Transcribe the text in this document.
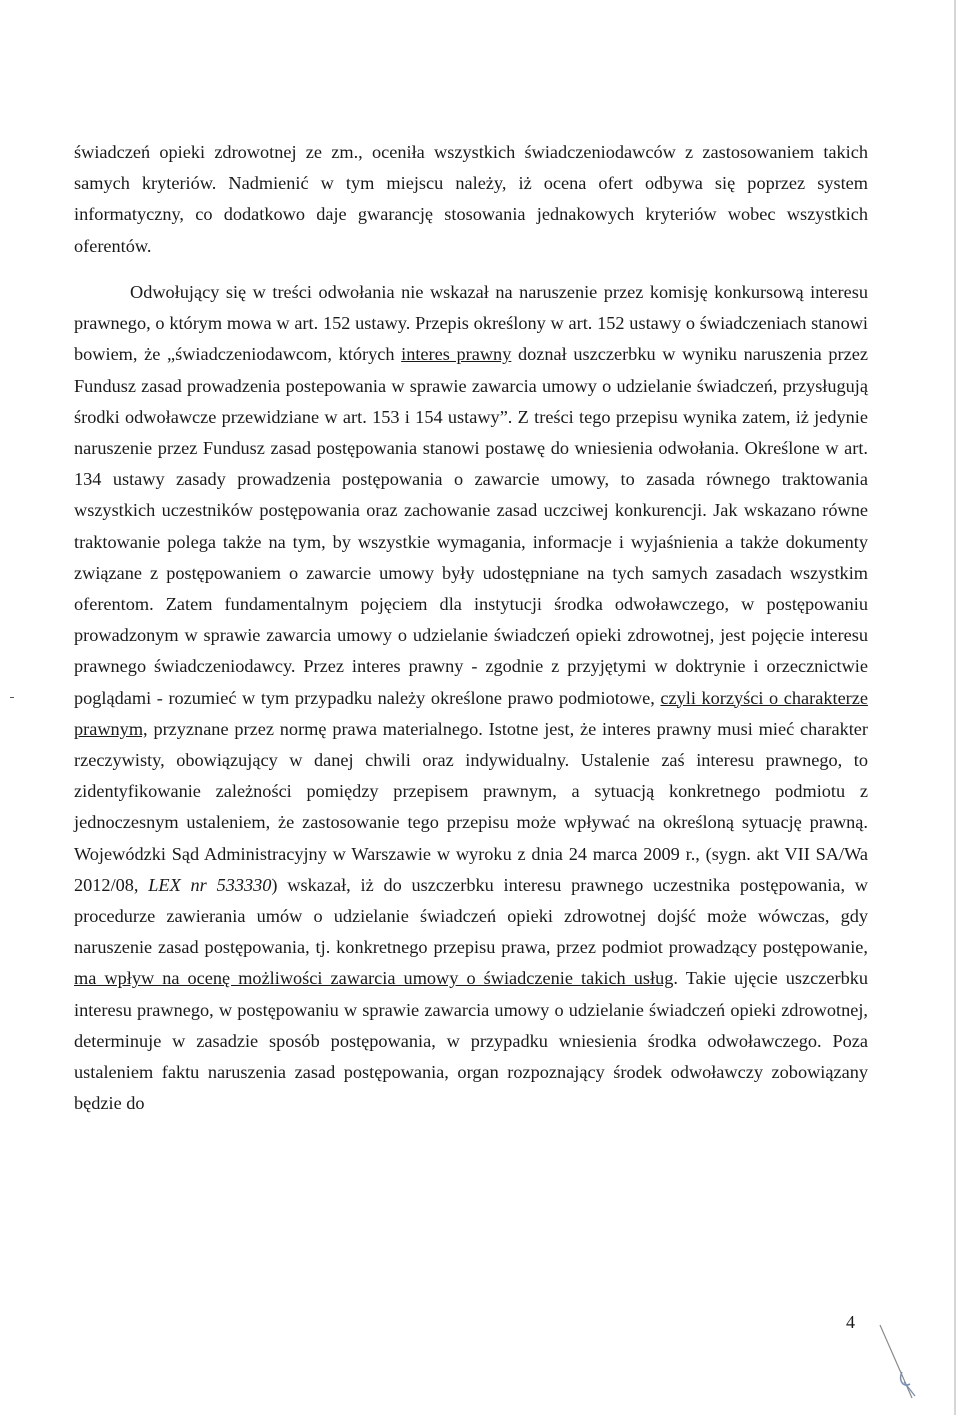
świadczeń opieki zdrowotnej ze zm., oceniła wszystkich świadczeniodawców z zastosowaniem takich samych kryteriów. Nadmienić w tym miejscu należy, iż ocena ofert odbywa się poprzez system informatyczny, co dodatkowo daje gwarancję stosowania jednakowych kryteriów wobec wszystkich oferentów.
Odwołujący się w treści odwołania nie wskazał na naruszenie przez komisję konkursową interesu prawnego, o którym mowa w art. 152 ustawy. Przepis określony w art. 152 ustawy o świadczeniach stanowi bowiem, że „świadczeniodawcom, których interes prawny doznał uszczerbku w wyniku naruszenia przez Fundusz zasad prowadzenia postepowania w sprawie zawarcia umowy o udzielanie świadczeń, przysługują środki odwoławcze przewidziane w art. 153 i 154 ustawy”. Z treści tego przepisu wynika zatem, iż jedynie naruszenie przez Fundusz zasad postępowania stanowi postawę do wniesienia odwołania. Określone w art. 134 ustawy zasady prowadzenia postępowania o zawarcie umowy, to zasada równego traktowania wszystkich uczestników postępowania oraz zachowanie zasad uczciwej konkurencji. Jak wskazano równe traktowanie polega także na tym, by wszystkie wymagania, informacje i wyjaśnienia a także dokumenty związane z postępowaniem o zawarcie umowy były udostępniane na tych samych zasadach wszystkim oferentom. Zatem fundamentalnym pojęciem dla instytucji środka odwoławczego, w postępowaniu prowadzonym w sprawie zawarcia umowy o udzielanie świadczeń opieki zdrowotnej, jest pojęcie interesu prawnego świadczeniodawcy. Przez interes prawny - zgodnie z przyjętymi w doktrynie i orzecznictwie poglądami - rozumieć w tym przypadku należy określone prawo podmiotowe, czyli korzyści o charakterze prawnym, przyznane przez normę prawa materialnego. Istotne jest, że interes prawny musi mieć charakter rzeczywisty, obowiązujący w danej chwili oraz indywidualny. Ustalenie zaś interesu prawnego, to zidentyfikowanie zależności pomiędzy przepisem prawnym, a sytuacją konkretnego podmiotu z jednoczesnym ustaleniem, że zastosowanie tego przepisu może wpływać na określoną sytuację prawną. Wojewódzki Sąd Administracyjny w Warszawie w wyroku z dnia 24 marca 2009 r., (sygn. akt VII SA/Wa 2012/08, LEX nr 533330) wskazał, iż do uszczerbku interesu prawnego uczestnika postępowania, w procedurze zawierania umów o udzielanie świadczeń opieki zdrowotnej dojść może wówczas, gdy naruszenie zasad postępowania, tj. konkretnego przepisu prawa, przez podmiot prowadzący postępowanie, ma wpływ na ocenę możliwości zawarcia umowy o świadczenie takich usług. Takie ujęcie uszczerbku interesu prawnego, w postępowaniu w sprawie zawarcia umowy o udzielanie świadczeń opieki zdrowotnej, determinuje w zasadzie sposób postępowania, w przypadku wniesienia środka odwoławczego. Poza ustaleniem faktu naruszenia zasad postępowania, organ rozpoznający środek odwoławczy zobowiązany będzie do
4
